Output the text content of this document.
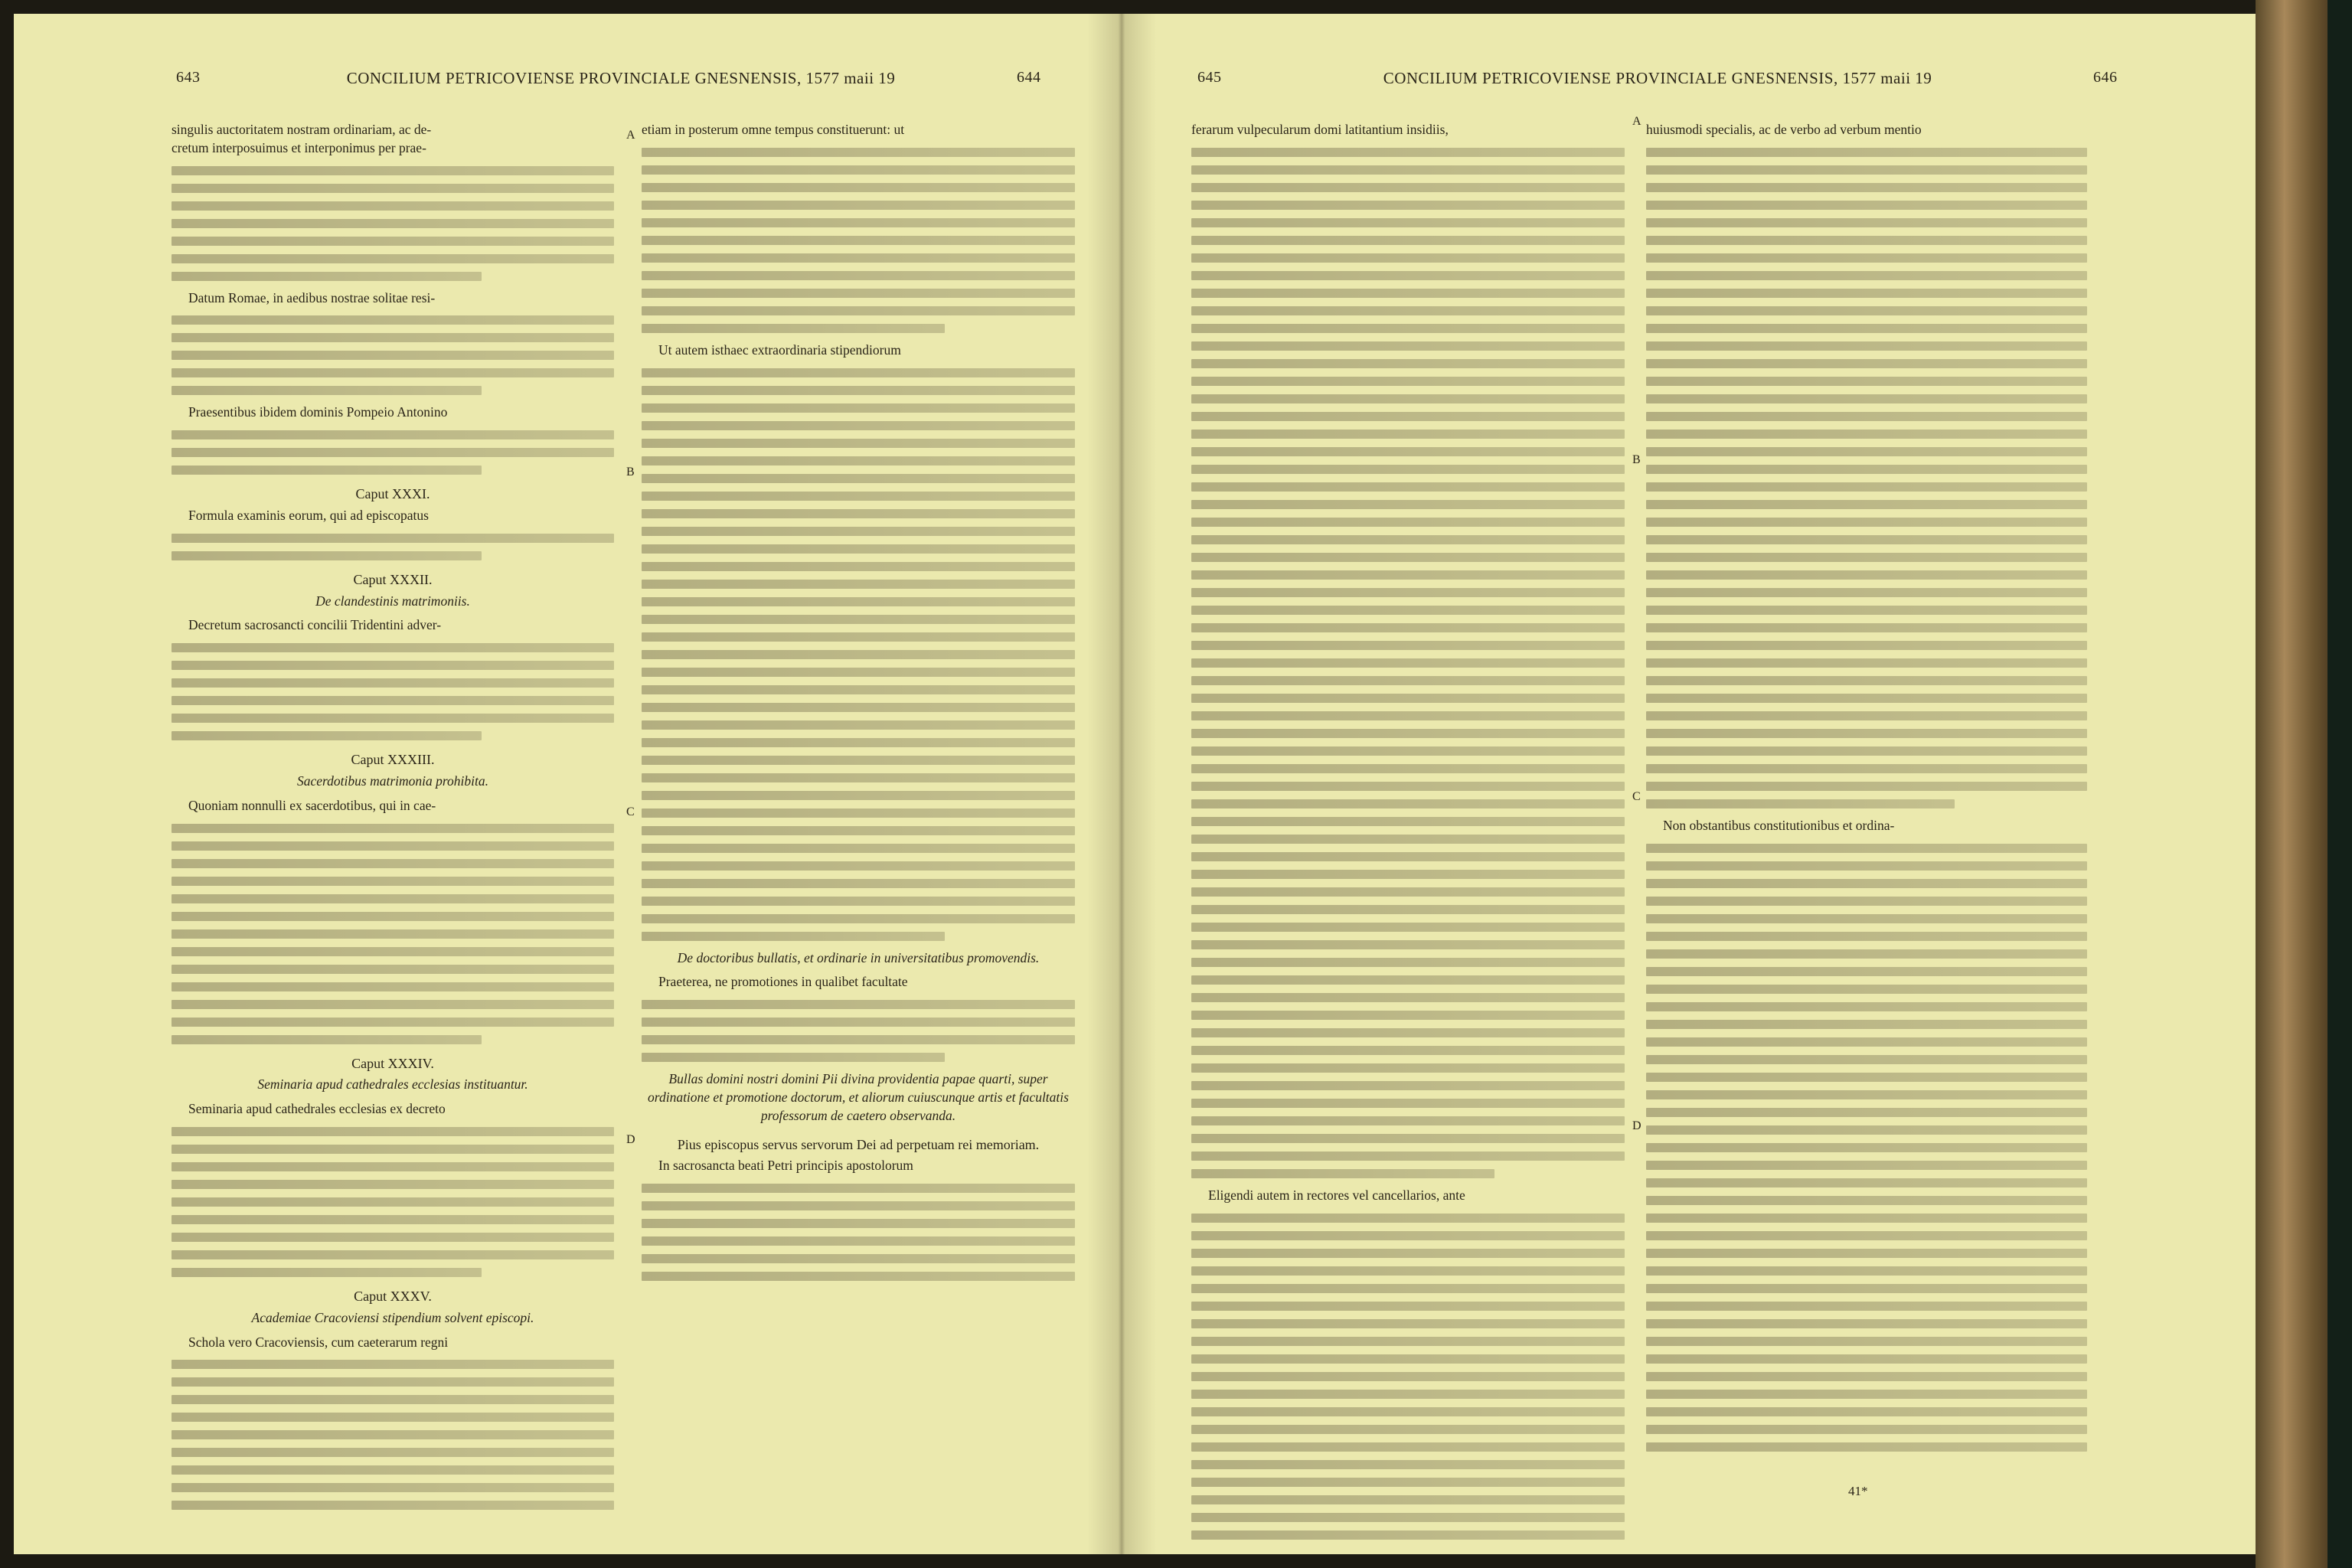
643	CONCILIUM PETRICOVIENSE PROVINCIALE GNESNENSIS, 1577 maii 19	644

singulis auctoritatem nostram ordinariam, ac de-

cretum interposuimus et interponimus per prae-

Datum Romae, in aedibus nostrae solitae resi-

Praesentibus ibidem dominis Pompeio Antonino

Caput XXXI.

Formula examinis eorum, qui ad episcopatus

Caput XXXII.
De clandestinis matrimoniis.

Decretum sacrosancti concilii Tridentini adver-

Caput XXXIII.
Sacerdotibus matrimonia prohibita.

Quoniam nonnulli ex sacerdotibus, qui in cae-

Caput XXXIV.
Seminaria apud cathedrales ecclesias instituantur.

Seminaria apud cathedrales ecclesias ex decreto

Caput XXXV.
Academiae Cracoviensi stipendium solvent episcopi.

Schola vero Cracoviensis, cum caeterarum regni

A
B
C
D

etiam in posterum omne tempus constituerunt: ut

Ut autem isthaec extraordinaria stipendiorum

De doctoribus bullatis, et ordinarie in universitatibus promovendis.

Praeterea, ne promotiones in qualibet facultate

Bullas domini nostri domini Pii divina providentia papae quarti, super ordinatione et promotione doctorum, et aliorum cuiuscunque artis et facultatis professorum de caetero observanda.
Pius episcopus servus servorum Dei ad perpetuam rei memoriam.

In sacrosancta beati Petri principis apostolorum

645	CONCILIUM PETRICOVIENSE PROVINCIALE GNESNENSIS, 1577 maii 19	646

ferarum vulpecularum domi latitantium insidiis,

Eligendi autem in rectores vel cancellarios, ante

A
B
C
D

huiusmodi specialis, ac de verbo ad verbum mentio

Non obstantibus constitutionibus et ordina-

41*
